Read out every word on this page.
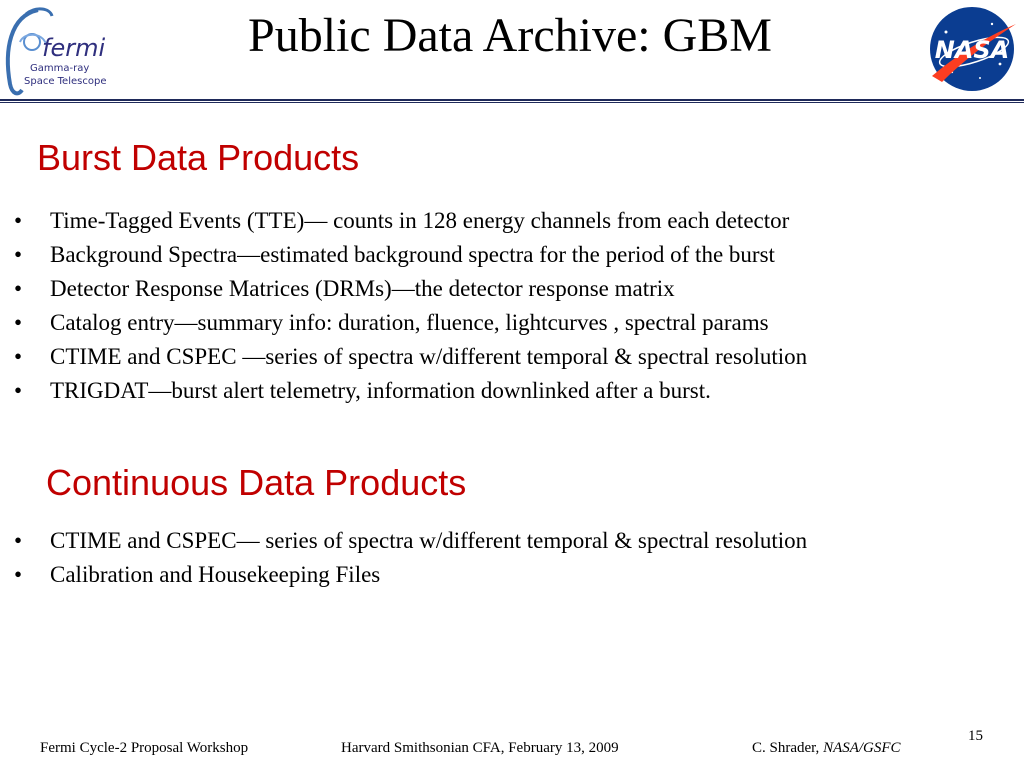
fermi
Gamma-ray
Space Telescope
Public Data Archive: GBM	NASA
Burst Data Products
• Time-Tagged Events (TTE)— counts in 128 energy channels from each detector
• Background Spectra—estimated background spectra for the period of the burst
• Detector Response Matrices (DRMs)—the detector response matrix
• Catalog entry—summary info: duration, fluence, lightcurves , spectral params
• CTIME and CSPEC —series of spectra w/different temporal & spectral resolution
• TRIGDAT—burst alert telemetry, information downlinked after a burst.
Continuous Data Products
• CTIME and CSPEC— series of spectra w/different temporal & spectral resolution
• Calibration and Housekeeping Files
Fermi Cycle-2 Proposal Workshop	Harvard Smithsonian CFA, February 13, 2009	C. Shrader, NASA/GSFC
15
